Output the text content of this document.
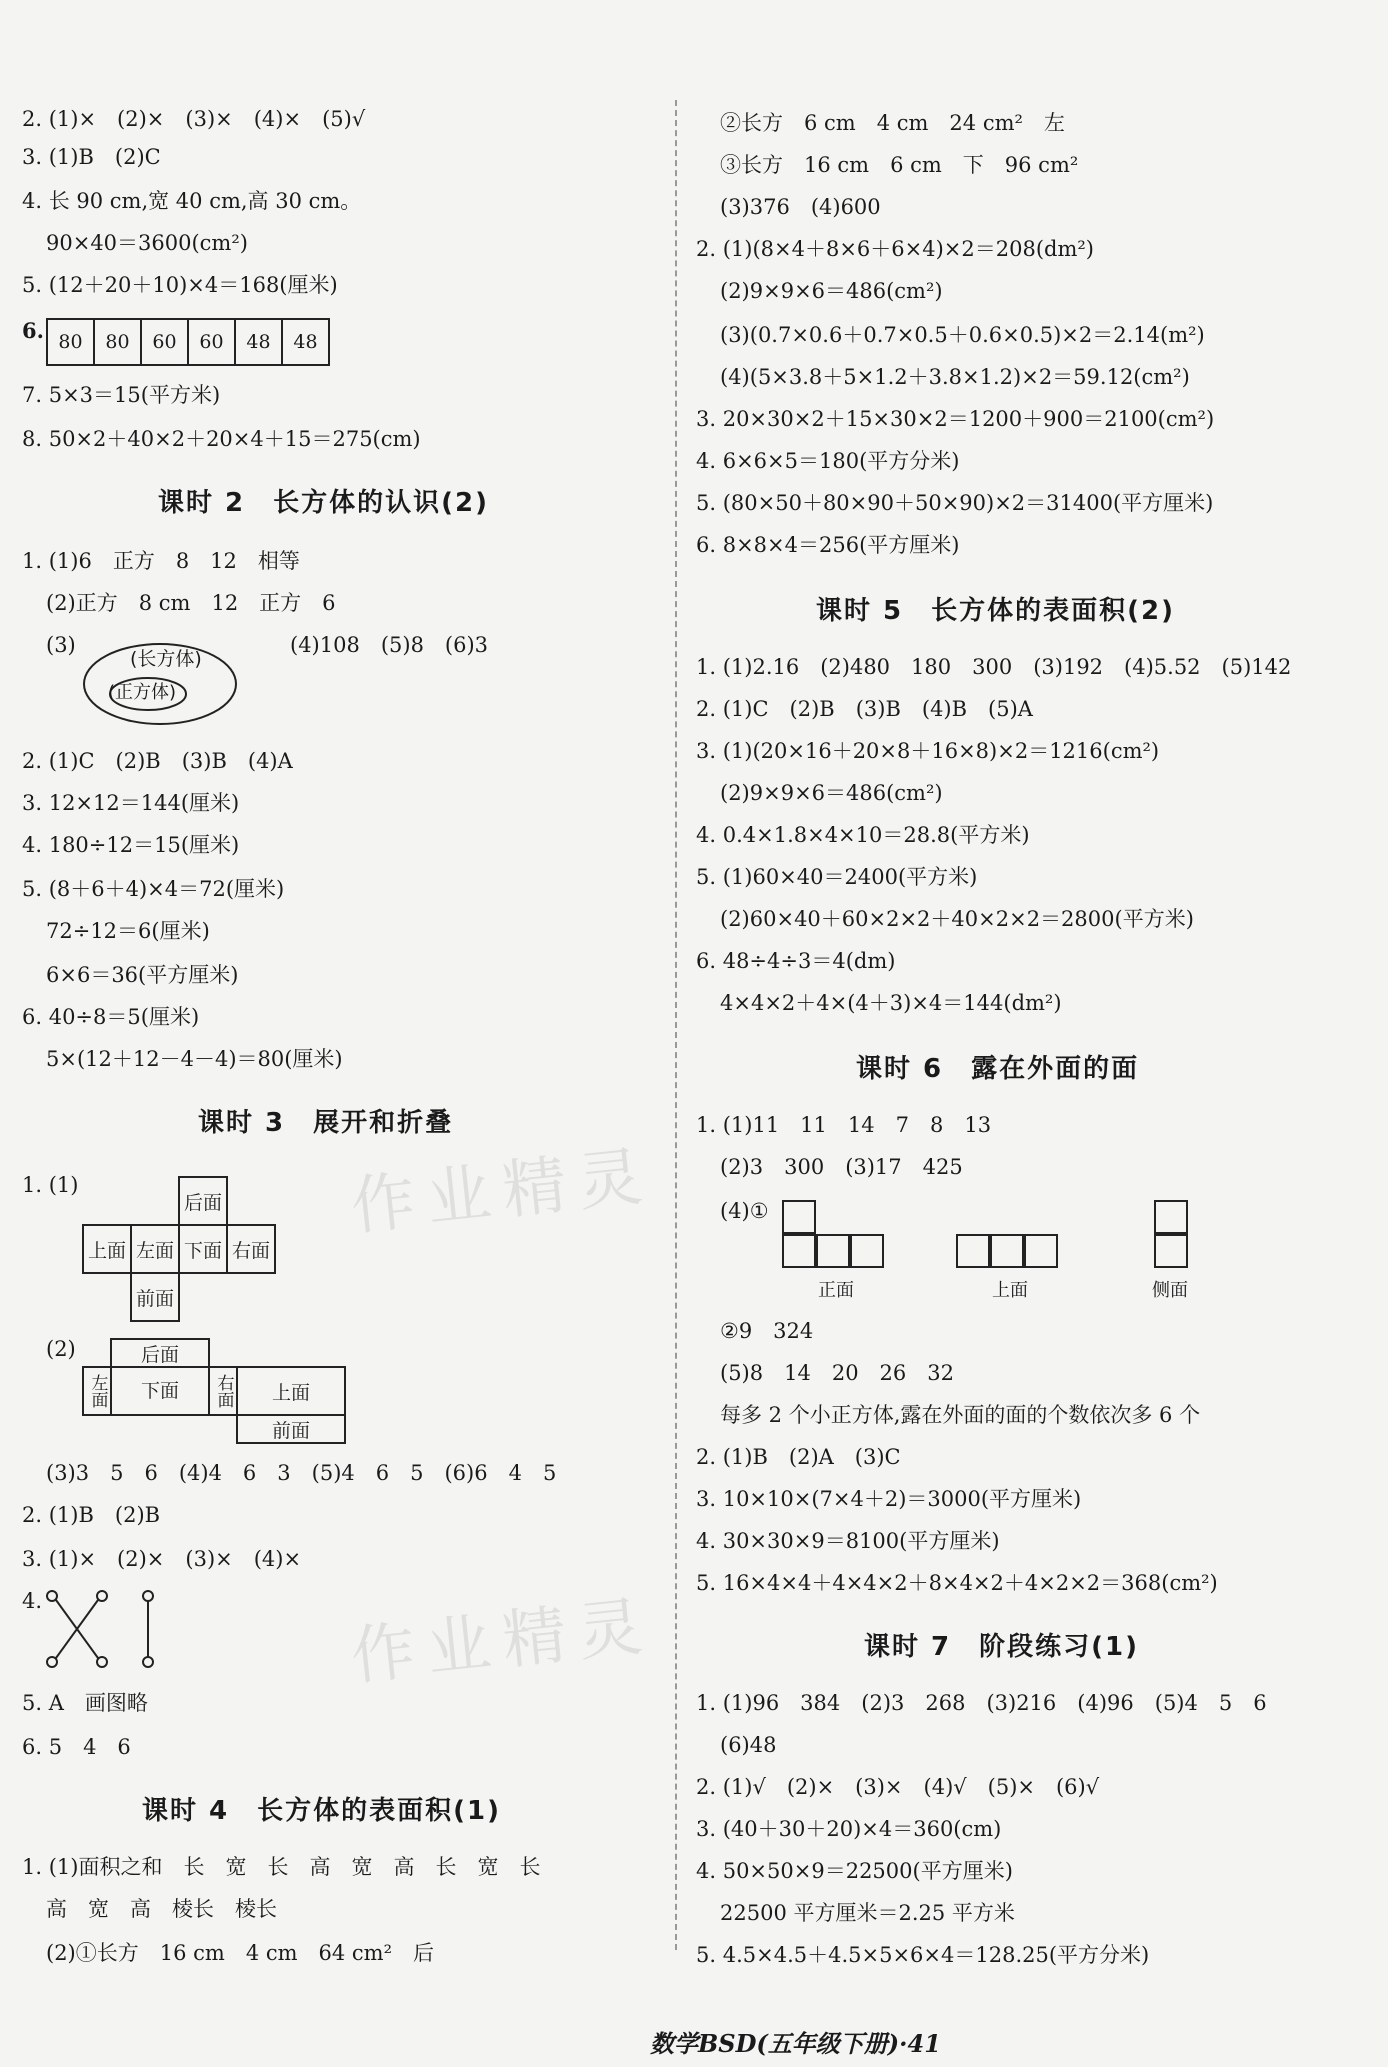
作业精灵
作业精灵
2. (1)×　(2)×　(3)×　(4)×　(5)√
3. (1)B　(2)C
4. 长 90 cm,宽 40 cm,高 30 cm。
90×40＝3600(cm²)
5. (12＋20＋10)×4＝168(厘米)
6. 80	80	60	60	48	48
7. 5×3＝15(平方米)
8. 50×2＋40×2＋20×4＋15＝275(cm)
课时 2　长方体的认识(2)
1. (1)6　正方　8　12　相等
(2)正方　8 cm　12　正方　6
(3)
(长方体)
(正方体)
(4)108　(5)8　(6)3
2. (1)C　(2)B　(3)B　(4)A
3. 12×12＝144(厘米)
4. 180÷12＝15(厘米)
5. (8＋6＋4)×4＝72(厘米)
72÷12＝6(厘米)
6×6＝36(平方厘米)
6. 40÷8＝5(厘米)
5×(12＋12－4－4)＝80(厘米)
课时 3　展开和折叠
1. (1)
后面
上面 左面 下面 右面
前面
(2)	后面
左面	下面	右面	上面
前面
(3)3　5　6　(4)4　6　3　(5)4　6　5　(6)6　4　5
2. (1)B　(2)B
3. (1)×　(2)×　(3)×　(4)×
4.
5. A　画图略
6. 5　4　6
课时 4　长方体的表面积(1)
1. (1)面积之和　长　宽　长　高　宽　高　长　宽　长
高　宽　高　棱长　棱长
(2)①长方　16 cm　4 cm　64 cm²　后
②长方　6 cm　4 cm　24 cm²　左
③长方　16 cm　6 cm　下　96 cm²
(3)376　(4)600
2. (1)(8×4＋8×6＋6×4)×2＝208(dm²)
(2)9×9×6＝486(cm²)
(3)(0.7×0.6＋0.7×0.5＋0.6×0.5)×2＝2.14(m²)
(4)(5×3.8＋5×1.2＋3.8×1.2)×2＝59.12(cm²)
3. 20×30×2＋15×30×2＝1200＋900＝2100(cm²)
4. 6×6×5＝180(平方分米)
5. (80×50＋80×90＋50×90)×2＝31400(平方厘米)
6. 8×8×4＝256(平方厘米)
课时 5　长方体的表面积(2)
1. (1)2.16　(2)480　180　300　(3)192　(4)5.52　(5)142
2. (1)C　(2)B　(3)B　(4)B　(5)A
3. (1)(20×16＋20×8＋16×8)×2＝1216(cm²)
(2)9×9×6＝486(cm²)
4. 0.4×1.8×4×10＝28.8(平方米)
5. (1)60×40＝2400(平方米)
(2)60×40＋60×2×2＋40×2×2＝2800(平方米)
6. 48÷4÷3＝4(dm)
4×4×2＋4×(4＋3)×4＝144(dm²)
课时 6　露在外面的面
1. (1)11　11　14　7　8　13
(2)3　300　(3)17　425
(4)①
正面	上面	侧面
②9　324
(5)8　14　20　26　32
每多 2 个小正方体,露在外面的面的个数依次多 6 个
2. (1)B　(2)A　(3)C
3. 10×10×(7×4＋2)＝3000(平方厘米)
4. 30×30×9＝8100(平方厘米)
5. 16×4×4＋4×4×2＋8×4×2＋4×2×2＝368(cm²)
课时 7　阶段练习(1)
1. (1)96　384　(2)3　268　(3)216　(4)96　(5)4　5　6
(6)48
2. (1)√　(2)×　(3)×　(4)√　(5)×　(6)√
3. (40＋30＋20)×4＝360(cm)
4. 50×50×9＝22500(平方厘米)
22500 平方厘米＝2.25 平方米
5. 4.5×4.5＋4.5×5×6×4＝128.25(平方分米)
数学BSD(五年级下册)·41
